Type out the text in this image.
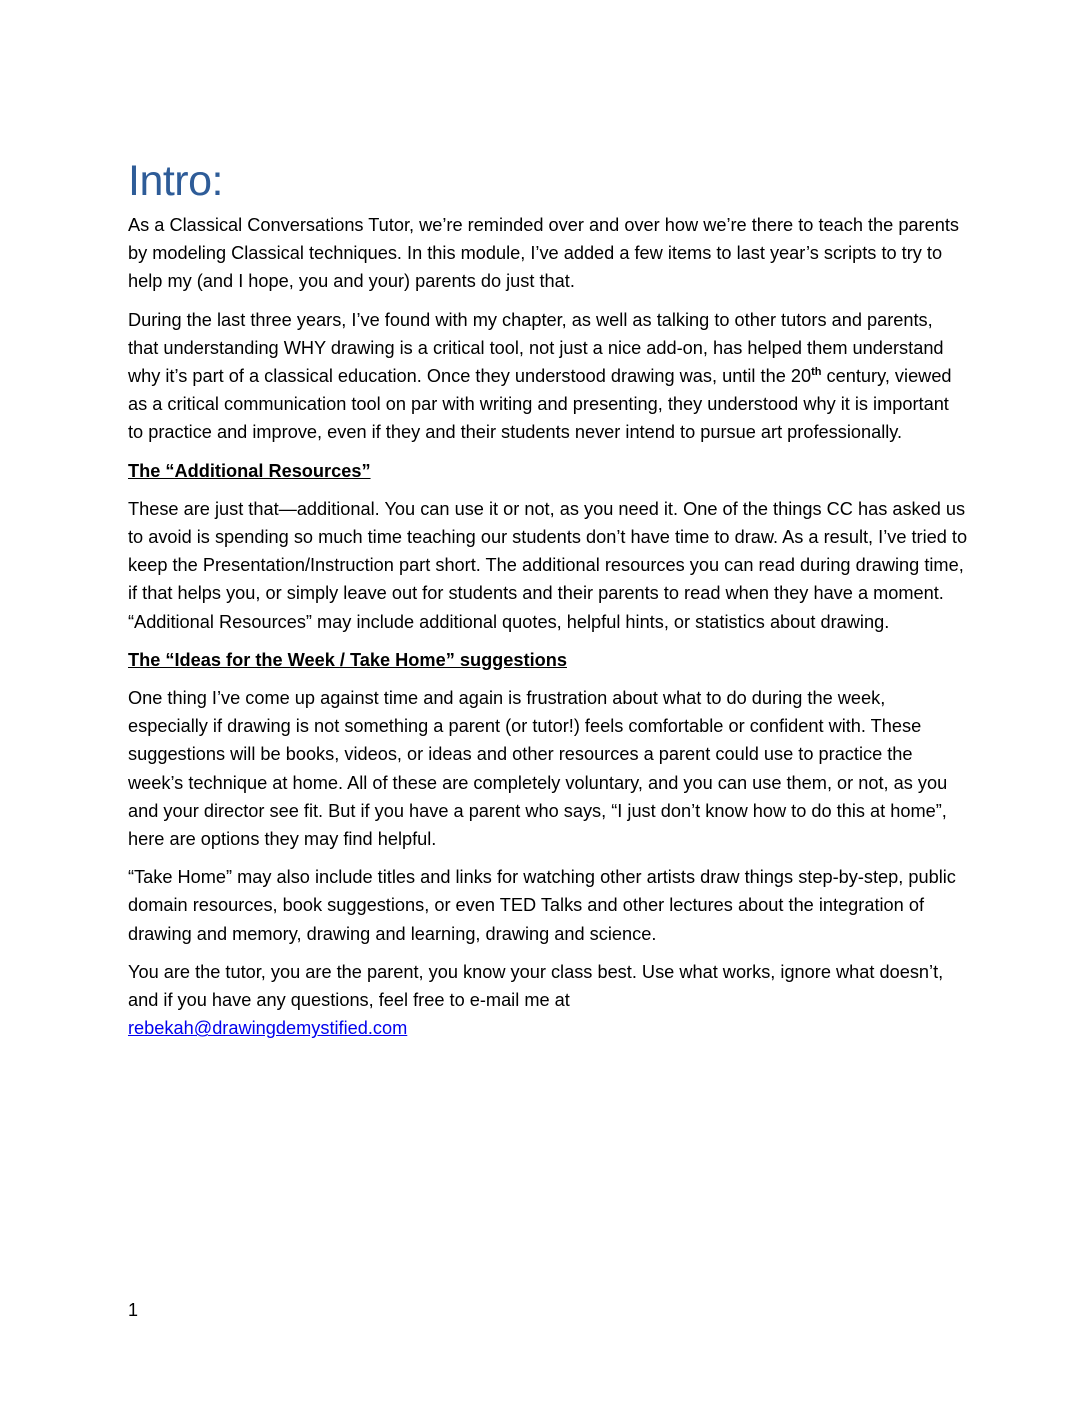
Intro:

As a Classical Conversations Tutor, we’re reminded over and over how we’re there to teach the parents by modeling Classical techniques. In this module, I’ve added a few items to last year’s scripts to try to help my (and I hope, you and your) parents do just that.

During the last three years, I’ve found with my chapter, as well as talking to other tutors and parents, that understanding WHY drawing is a critical tool, not just a nice add-on, has helped them understand why it’s part of a classical education. Once they understood drawing was, until the 20th century, viewed as a critical communication tool on par with writing and presenting, they understood why it is important to practice and improve, even if they and their students never intend to pursue art professionally.

The “Additional Resources”

These are just that—additional. You can use it or not, as you need it. One of the things CC has asked us to avoid is spending so much time teaching our students don’t have time to draw. As a result, I’ve tried to keep the Presentation/Instruction part short. The additional resources you can read during drawing time, if that helps you, or simply leave out for students and their parents to read when they have a moment. “Additional Resources” may include additional quotes, helpful hints, or statistics about drawing.

The “Ideas for the Week / Take Home” suggestions

One thing I’ve come up against time and again is frustration about what to do during the week, especially if drawing is not something a parent (or tutor!) feels comfortable or confident with. These suggestions will be books, videos, or ideas and other resources a parent could use to practice the week’s technique at home. All of these are completely voluntary, and you can use them, or not, as you and your director see fit. But if you have a parent who says, “I just don’t know how to do this at home”, here are options they may find helpful.

“Take Home” may also include titles and links for watching other artists draw things step-by-step, public domain resources, book suggestions, or even TED Talks and other lectures about the integration of drawing and memory, drawing and learning, drawing and science.

You are the tutor, you are the parent, you know your class best. Use what works, ignore what doesn’t, and if you have any questions, feel free to e-mail me at
rebekah@drawingdemystified.com

1
